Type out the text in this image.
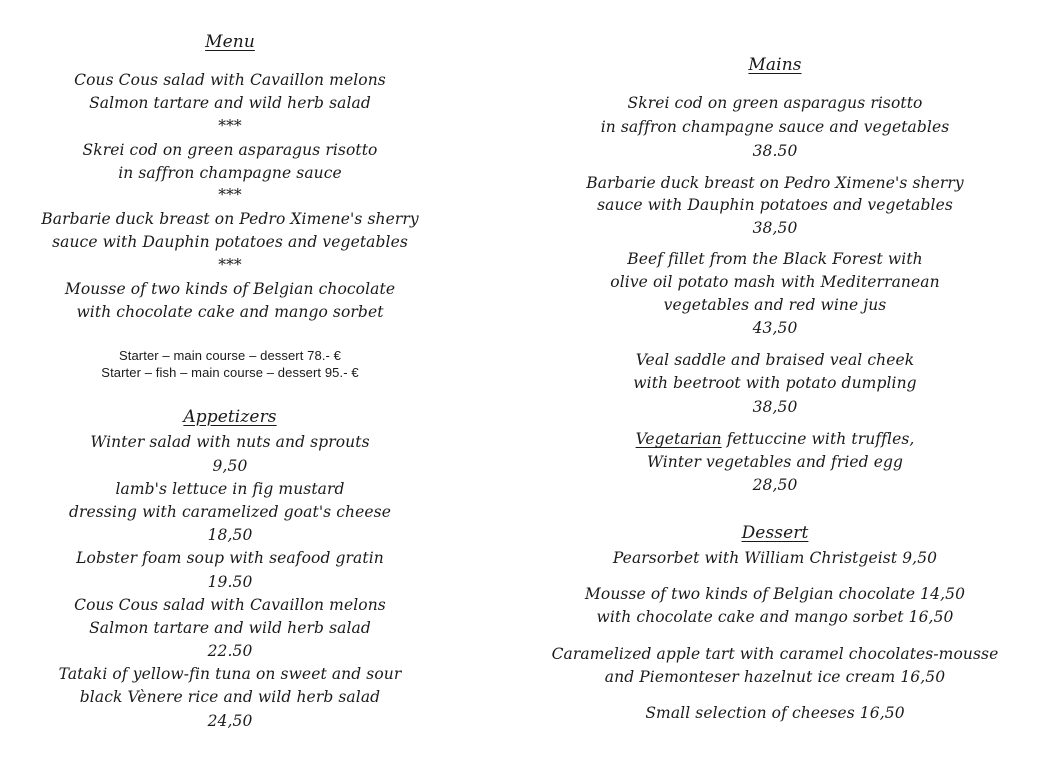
Menu
Cous Cous salad with Cavaillon melons
Salmon tartare and wild herb salad
***
Skrei cod on green asparagus risotto
in saffron champagne sauce
***
Barbarie duck breast on Pedro Ximene's sherry
sauce with Dauphin potatoes and vegetables
***
Mousse of two kinds of Belgian chocolate
with chocolate cake and mango sorbet
Starter – main course – dessert 78.- €
Starter – fish – main course – dessert 95.- €
Appetizers
Winter salad with nuts and sprouts
9,50
lamb's lettuce in fig mustard
dressing with caramelized goat's cheese
18,50
Lobster foam soup with seafood gratin
19.50
Cous Cous salad with Cavaillon melons
Salmon tartare and wild herb salad
22.50
Tataki of yellow-fin tuna on sweet and sour
black Vènere rice and wild herb salad
24,50
Mains
Skrei cod on green asparagus risotto
in saffron champagne sauce and vegetables
38.50
Barbarie duck breast on Pedro Ximene's sherry
sauce with Dauphin potatoes and vegetables
38,50
Beef fillet from the Black Forest with
olive oil potato mash with Mediterranean
vegetables and red wine jus
43,50
Veal saddle and braised veal cheek
with beetroot with potato dumpling
38,50
Vegetarian fettuccine with truffles,
Winter vegetables and fried egg
28,50
Dessert
Pearsorbet with William Christgeist 9,50
Mousse of two kinds of Belgian chocolate 14,50
with chocolate cake and mango sorbet 16,50
Caramelized apple tart with caramel chocolates-mousse
and Piemonteser hazelnut ice cream 16,50
Small selection of cheeses 16,50
